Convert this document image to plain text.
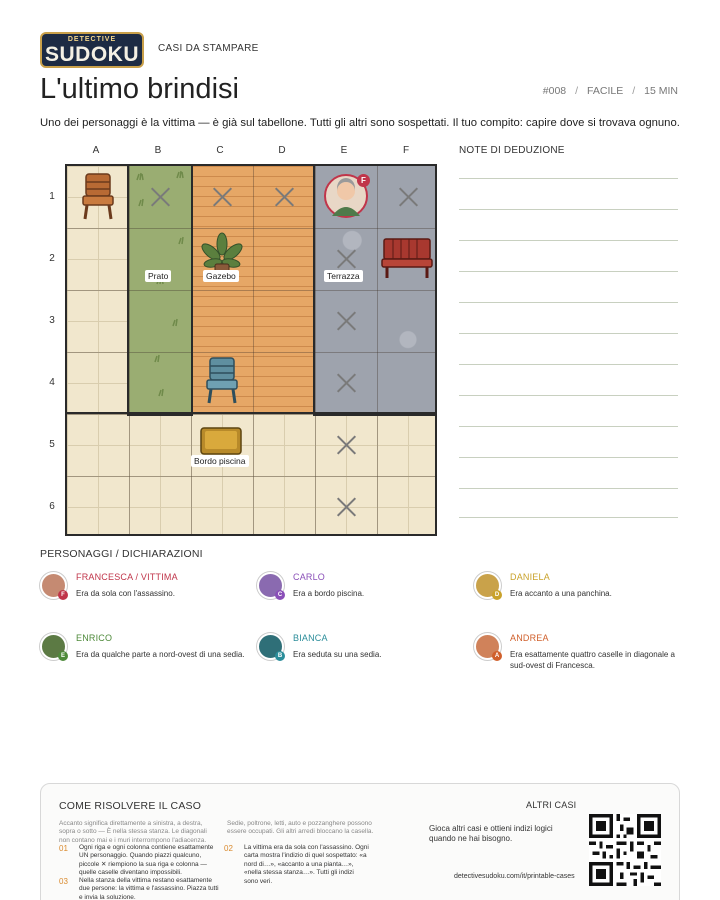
DETECTIVE
SUDOKU	CASI DA STAMPARE
L'ultimo brindisi	#008 / FACILE / 15 MIN
Uno dei personaggi è la vittima — è già sul tabellone. Tutti gli altri sono sospettati. Il tuo compito: capire dove si trovava ognuno.
A	B	C	D	E	F
1
2
3
4
5
6
F
Prato	Gazebo	Terrazza
Bordo piscina
NOTE DI DEDUZIONE
PERSONAGGI / DICHIARAZIONI
F
FRANCESCA / VITTIMA
Era da sola con l'assassino.	C
CARLO
Era a bordo piscina.	D
DANIELA
Era accanto a una panchina.
E
ENRICO
Era da qualche parte a nord-ovest di una sedia.	B
BIANCA
Era seduta su una sedia.	A
ANDREA
Era esattamente quattro caselle in diagonale a sud-ovest di Francesca.
COME RISOLVERE IL CASO
Accanto significa direttamente a sinistra, a destra, sopra o sotto — È nella stessa stanza. Le diagonali non contano mai e i muri interrompono l'adiacenza.
Sedie, poltrone, letti, auto e pozzanghere possono essere occupati. Gli altri arredi bloccano la casella.
01 Ogni riga e ogni colonna contiene esattamente UN personaggio. Quando piazzi qualcuno, piccole ✕ riempiono la sua riga e colonna — quelle caselle diventano impossibili.
02 La vittima era da sola con l'assassino. Ogni carta mostra l'indizio di quel sospettato: «a nord di…», «accanto a una pianta…», «nella stessa stanza…». Tutti gli indizi sono veri.
03 Nella stanza della vittima restano esattamente due persone: la vittima e l'assassino. Piazza tutti e invia la soluzione.
ALTRI CASI
Gioca altri casi e ottieni indizi logici quando ne hai bisogno.
detectivesudoku.com/it/printable-cases
